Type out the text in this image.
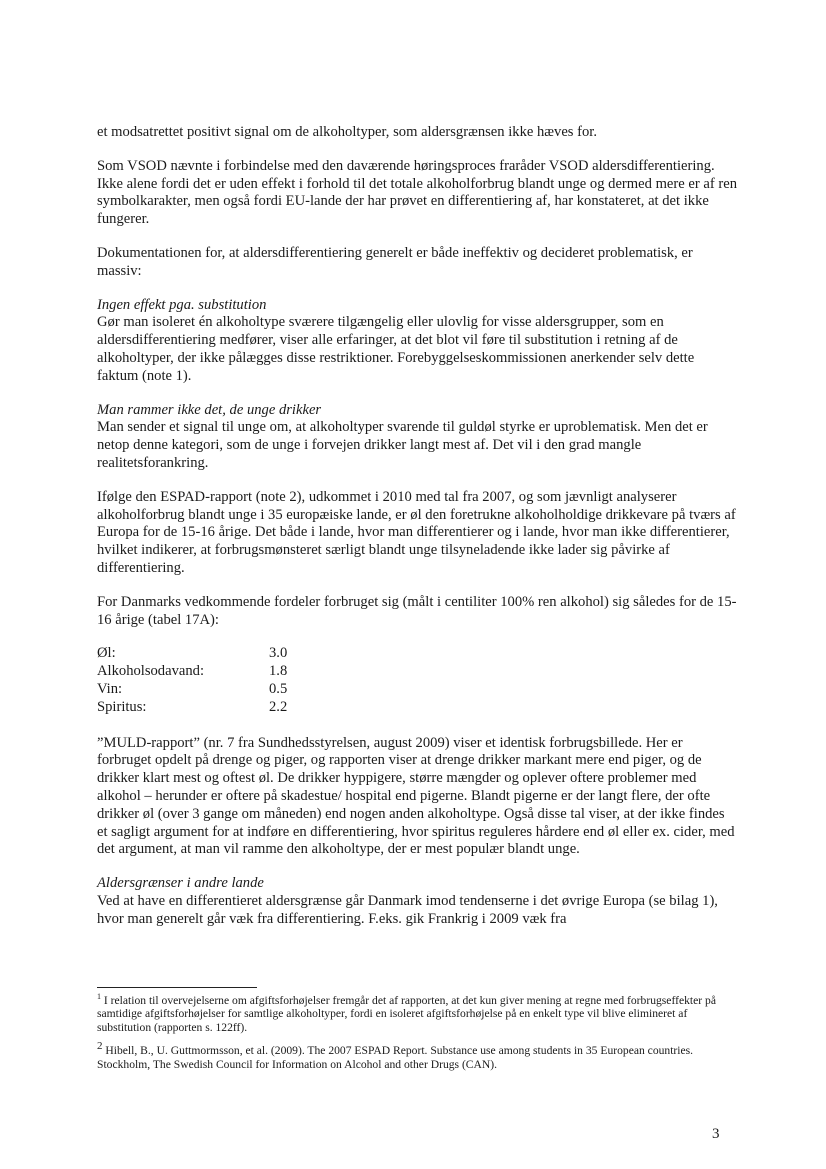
et modsatrettet positivt signal om de alkoholtyper, som aldersgrænsen ikke hæves for.

Som VSOD nævnte i forbindelse med den daværende høringsproces fraråder VSOD aldersdifferentiering. Ikke alene fordi det er uden effekt i forhold til det totale alkoholforbrug blandt unge og dermed mere er af ren symbolkarakter, men også fordi EU-lande der har prøvet en differentiering af, har konstateret, at det ikke fungerer.

Dokumentationen for, at aldersdifferentiering generelt er både ineffektiv og decideret problematisk, er massiv:

Ingen effekt pga. substitution
Gør man isoleret én alkoholtype sværere tilgængelig eller ulovlig for visse aldersgrupper, som en aldersdifferentiering medfører, viser alle erfaringer, at det blot vil føre til substitution i retning af de alkoholtyper, der ikke pålægges disse restriktioner. Forebyggelseskommissionen anerkender selv dette faktum (note 1).

Man rammer ikke det, de unge drikker
Man sender et signal til unge om, at alkoholtyper svarende til guldøl styrke er uproblematisk. Men det er netop denne kategori, som de unge i forvejen drikker langt mest af. Det vil i den grad mangle realitetsforankring.

Ifølge den ESPAD-rapport (note 2), udkommet i 2010 med tal fra 2007, og som jævnligt analyserer alkoholforbrug blandt unge i 35 europæiske lande, er øl den foretrukne alkoholholdige drikkevare på tværs af Europa for de 15-16 årige. Det både i lande, hvor man differentierer og i lande, hvor man ikke differentierer, hvilket indikerer, at forbrugsmønsteret særligt blandt unge tilsyneladende ikke lader sig påvirke af differentiering.

For Danmarks vedkommende fordeler forbruget sig (målt i centiliter 100% ren alkohol) sig således for de 15-16 årige (tabel 17A):

Øl:	3.0
Alkoholsodavand:	1.8
Vin:	0.5
Spiritus:	2.2

”MULD-rapport” (nr. 7 fra Sundhedsstyrelsen, august 2009) viser et identisk forbrugsbillede. Her er forbruget opdelt på drenge og piger, og rapporten viser at drenge drikker markant mere end piger, og de drikker klart mest og oftest øl. De drikker hyppigere, større mængder og oplever oftere problemer med alkohol – herunder er oftere på skadestue/ hospital end pigerne. Blandt pigerne er der langt flere, der ofte drikker øl (over 3 gange om måneden) end nogen anden alkoholtype. Også disse tal viser, at der ikke findes et sagligt argument for at indføre en differentiering, hvor spiritus reguleres hårdere end øl eller ex. cider, med det argument, at man vil ramme den alkoholtype, der er mest populær blandt unge.

Aldersgrænser i andre lande
Ved at have en differentieret aldersgrænse går Danmark imod tendenserne i det øvrige Europa (se bilag 1), hvor man generelt går væk fra differentiering. F.eks. gik Frankrig i 2009 væk fra

$^1$ I relation til overvejelserne om afgiftsforhøjelser fremgår det af rapporten, at det kun giver mening at regne med forbrugseffekter på samtidige afgiftsforhøjelser for samtlige alkoholtyper, fordi en isoleret afgiftsforhøjelse på en enkelt type vil blive elimineret af substitution (rapporten s. 122ff).

$^2$ Hibell, B., U. Guttmormsson, et al. (2009). The 2007 ESPAD Report. Substance use among students in 35 European countries. Stockholm, The Swedish Council for Information on Alcohol and other Drugs (CAN).

3
